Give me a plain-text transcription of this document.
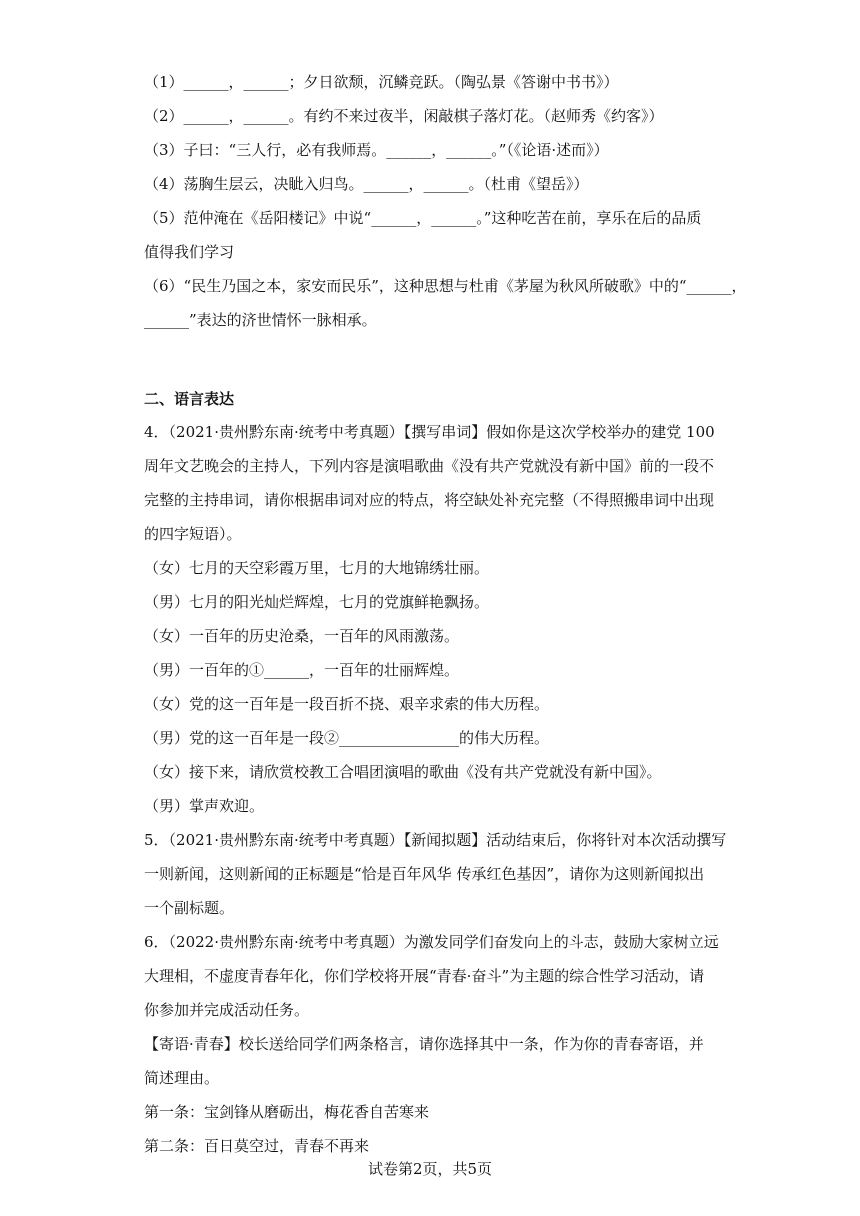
（1）______，______；夕日欲颓，沉鳞竞跃。（陶弘景《答谢中书书》）
（2）______，______。有约不来过夜半，闲敲棋子落灯花。（赵师秀《约客》）
（3）子曰：“三人行，必有我师焉。______，______。”（《论语·述而》）
（4）荡胸生层云，决眦入归鸟。______，______。（杜甫《望岳》）
（5）范仲淹在《岳阳楼记》中说“______，______。”这种吃苦在前，享乐在后的品质
值得我们学习
（6）“民生乃国之本，家安而民乐”，这种思想与杜甫《茅屋为秋风所破歌》中的“______，
______”表达的济世情怀一脉相承。
二、语言表达
4．（2021·贵州黔东南·统考中考真题）【撰写串词】假如你是这次学校举办的建党 100
周年文艺晚会的主持人，下列内容是演唱歌曲《没有共产党就没有新中国》前的一段不
完整的主持串词，请你根据串词对应的特点，将空缺处补充完整（不得照搬串词中出现
的四字短语）。
（女）七月的天空彩霞万里，七月的大地锦绣壮丽。
（男）七月的阳光灿烂辉煌，七月的党旗鲜艳飘扬。
（女）一百年的历史沧桑，一百年的风雨激荡。
（男）一百年的①______，一百年的壮丽辉煌。
（女）党的这一百年是一段百折不挠、艰辛求索的伟大历程。
（男）党的这一百年是一段②________________的伟大历程。
（女）接下来，请欣赏校教工合唱团演唱的歌曲《没有共产党就没有新中国》。
（男）掌声欢迎。
5．（2021·贵州黔东南·统考中考真题）【新闻拟题】活动结束后，你将针对本次活动撰写
一则新闻，这则新闻的正标题是“恰是百年风华 传承红色基因”，请你为这则新闻拟出
一个副标题。
6．（2022·贵州黔东南·统考中考真题）为激发同学们奋发向上的斗志，鼓励大家树立远
大理相，不虚度青春年化，你们学校将开展“青春·奋斗”为主题的综合性学习活动，请
你参加并完成活动任务。
【寄语·青春】校长送给同学们两条格言，请你选择其中一条，作为你的青春寄语，并
简述理由。
第一条：宝剑锋从磨砺出，梅花香自苦寒来
第二条：百日莫空过，青春不再来
试卷第2页，共5页
